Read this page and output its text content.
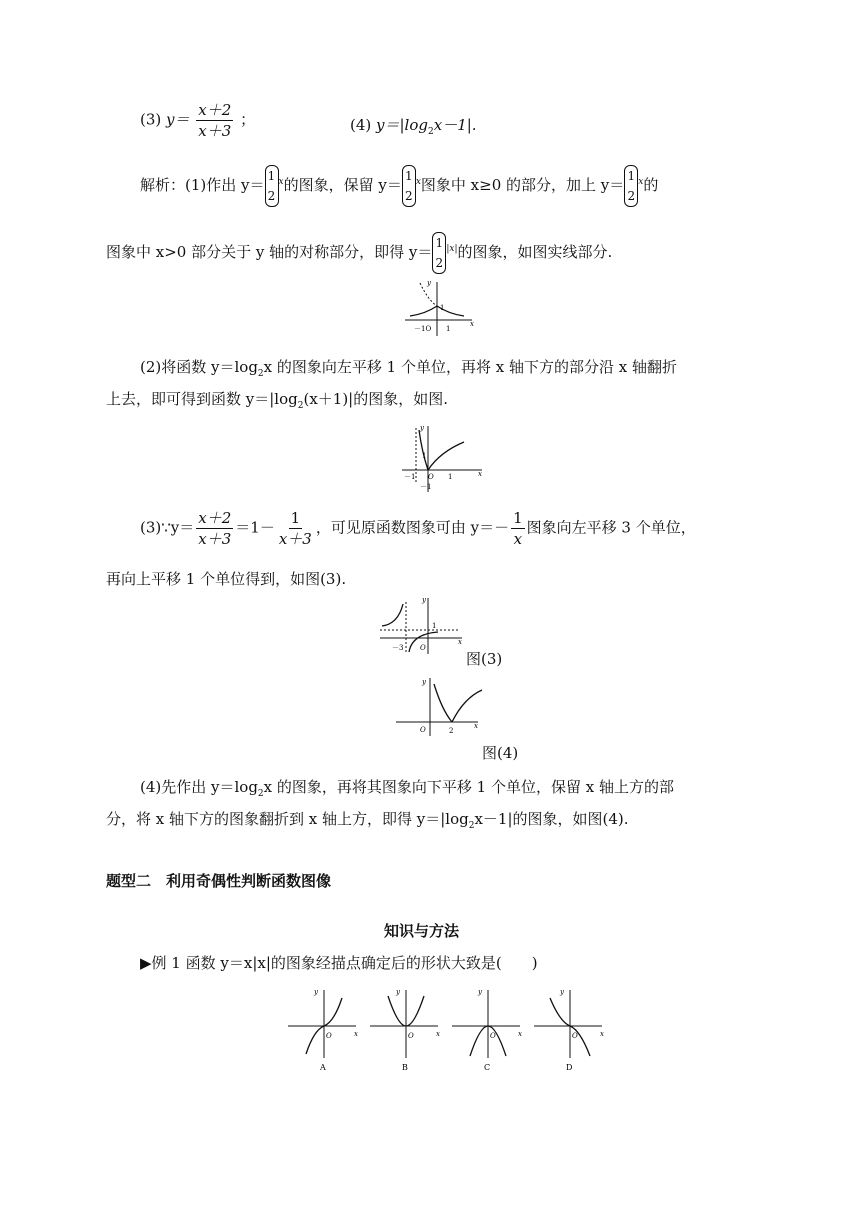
(3) $y= \frac{x+2}{x+3}$ ；	(4) $y=|\log_2x-1|$.
解析：(1)作出 y＝ 1
2$^x$的图象，保留 y＝ 1
2$^x$图象中 x≥0 的部分，加上 y＝ 1
2$^x$的
图象中 x>0 部分关于 y 轴的对称部分，即得 y＝ 1
$2^{|x|}$的图象，如图实线部分.
y
x
1
－1O 1
(2)将函数 $y=\log_2x$ 的图象向左平移 1 个单位，再将 x 轴下方的部分沿 x 轴翻折
上去，即可得到函数 $y=|\log_2(x+1)|$的图象，如图.
y
x
1
－1 O 1
－1
(3)∵y＝ $\frac{x+2}{x+3} =1- \frac{1}{x+3}$ ，可见原函数图象可由 $y=- \frac{1}{x}$ 图象向左平移 3 个单位，
再向上平移 1 个单位得到，如图(3).
y
x
1
－3 O
图(3)
y
x
O	2
图(4)
(4)先作出 $y=\log_2x$ 的图象，再将其图象向下平移 1 个单位，保留 x 轴上方的部
分，将 x 轴下方的图象翻折到 x 轴上方，即得 $y=|\log_2x-1|$的图象，如图(4).
题型二　利用奇偶性判断函数图像
知识与方法
▶例 1 函数 y＝x|x|的图象经描点确定后的形状大致是(　　)
y
x
O
A
y
x
O
B
y
x
O
C
y
x
O
D
